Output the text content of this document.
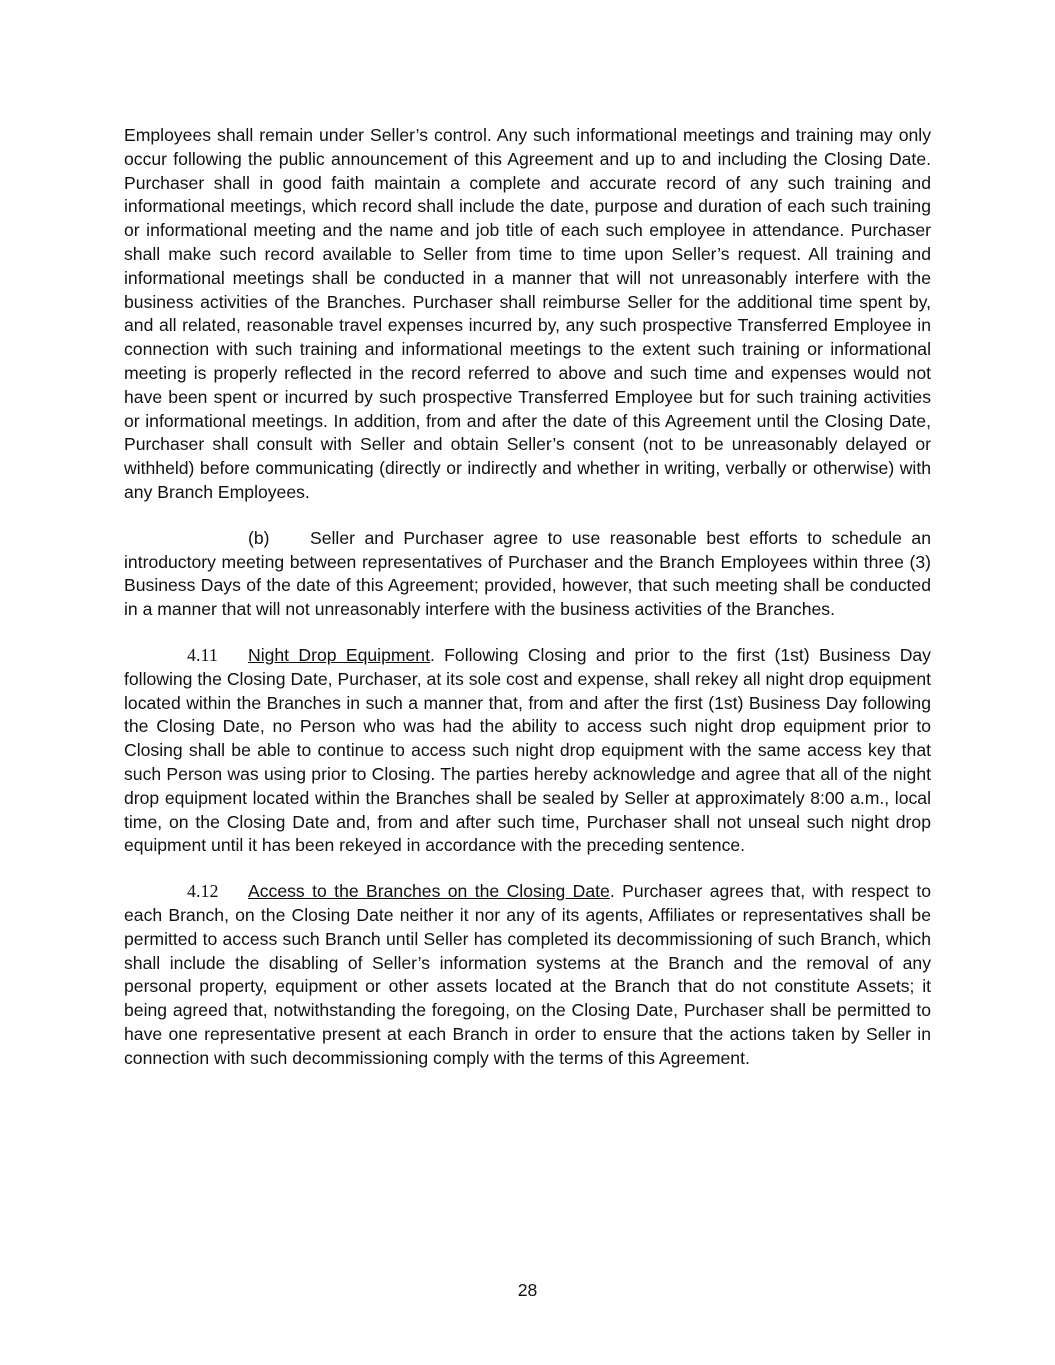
Employees shall remain under Seller’s control. Any such informational meetings and training may only occur following the public announcement of this Agreement and up to and including the Closing Date. Purchaser shall in good faith maintain a complete and accurate record of any such training and informational meetings, which record shall include the date, purpose and duration of each such training or informational meeting and the name and job title of each such employee in attendance. Purchaser shall make such record available to Seller from time to time upon Seller’s request. All training and informational meetings shall be conducted in a manner that will not unreasonably interfere with the business activities of the Branches. Purchaser shall reimburse Seller for the additional time spent by, and all related, reasonable travel expenses incurred by, any such prospective Transferred Employee in connection with such training and informational meetings to the extent such training or informational meeting is properly reflected in the record referred to above and such time and expenses would not have been spent or incurred by such prospective Transferred Employee but for such training activities or informational meetings. In addition, from and after the date of this Agreement until the Closing Date, Purchaser shall consult with Seller and obtain Seller’s consent (not to be unreasonably delayed or withheld) before communicating (directly or indirectly and whether in writing, verbally or otherwise) with any Branch Employees.

(b) Seller and Purchaser agree to use reasonable best efforts to schedule an introductory meeting between representatives of Purchaser and the Branch Employees within three (3) Business Days of the date of this Agreement; provided, however, that such meeting shall be conducted in a manner that will not unreasonably interfere with the business activities of the Branches.

4.11 Night Drop Equipment. Following Closing and prior to the first (1st) Business Day following the Closing Date, Purchaser, at its sole cost and expense, shall rekey all night drop equipment located within the Branches in such a manner that, from and after the first (1st) Business Day following the Closing Date, no Person who was had the ability to access such night drop equipment prior to Closing shall be able to continue to access such night drop equipment with the same access key that such Person was using prior to Closing. The parties hereby acknowledge and agree that all of the night drop equipment located within the Branches shall be sealed by Seller at approximately 8:00 a.m., local time, on the Closing Date and, from and after such time, Purchaser shall not unseal such night drop equipment until it has been rekeyed in accordance with the preceding sentence.

4.12 Access to the Branches on the Closing Date. Purchaser agrees that, with respect to each Branch, on the Closing Date neither it nor any of its agents, Affiliates or representatives shall be permitted to access such Branch until Seller has completed its decommissioning of such Branch, which shall include the disabling of Seller’s information systems at the Branch and the removal of any personal property, equipment or other assets located at the Branch that do not constitute Assets; it being agreed that, notwithstanding the foregoing, on the Closing Date, Purchaser shall be permitted to have one representative present at each Branch in order to ensure that the actions taken by Seller in connection with such decommissioning comply with the terms of this Agreement.

28
